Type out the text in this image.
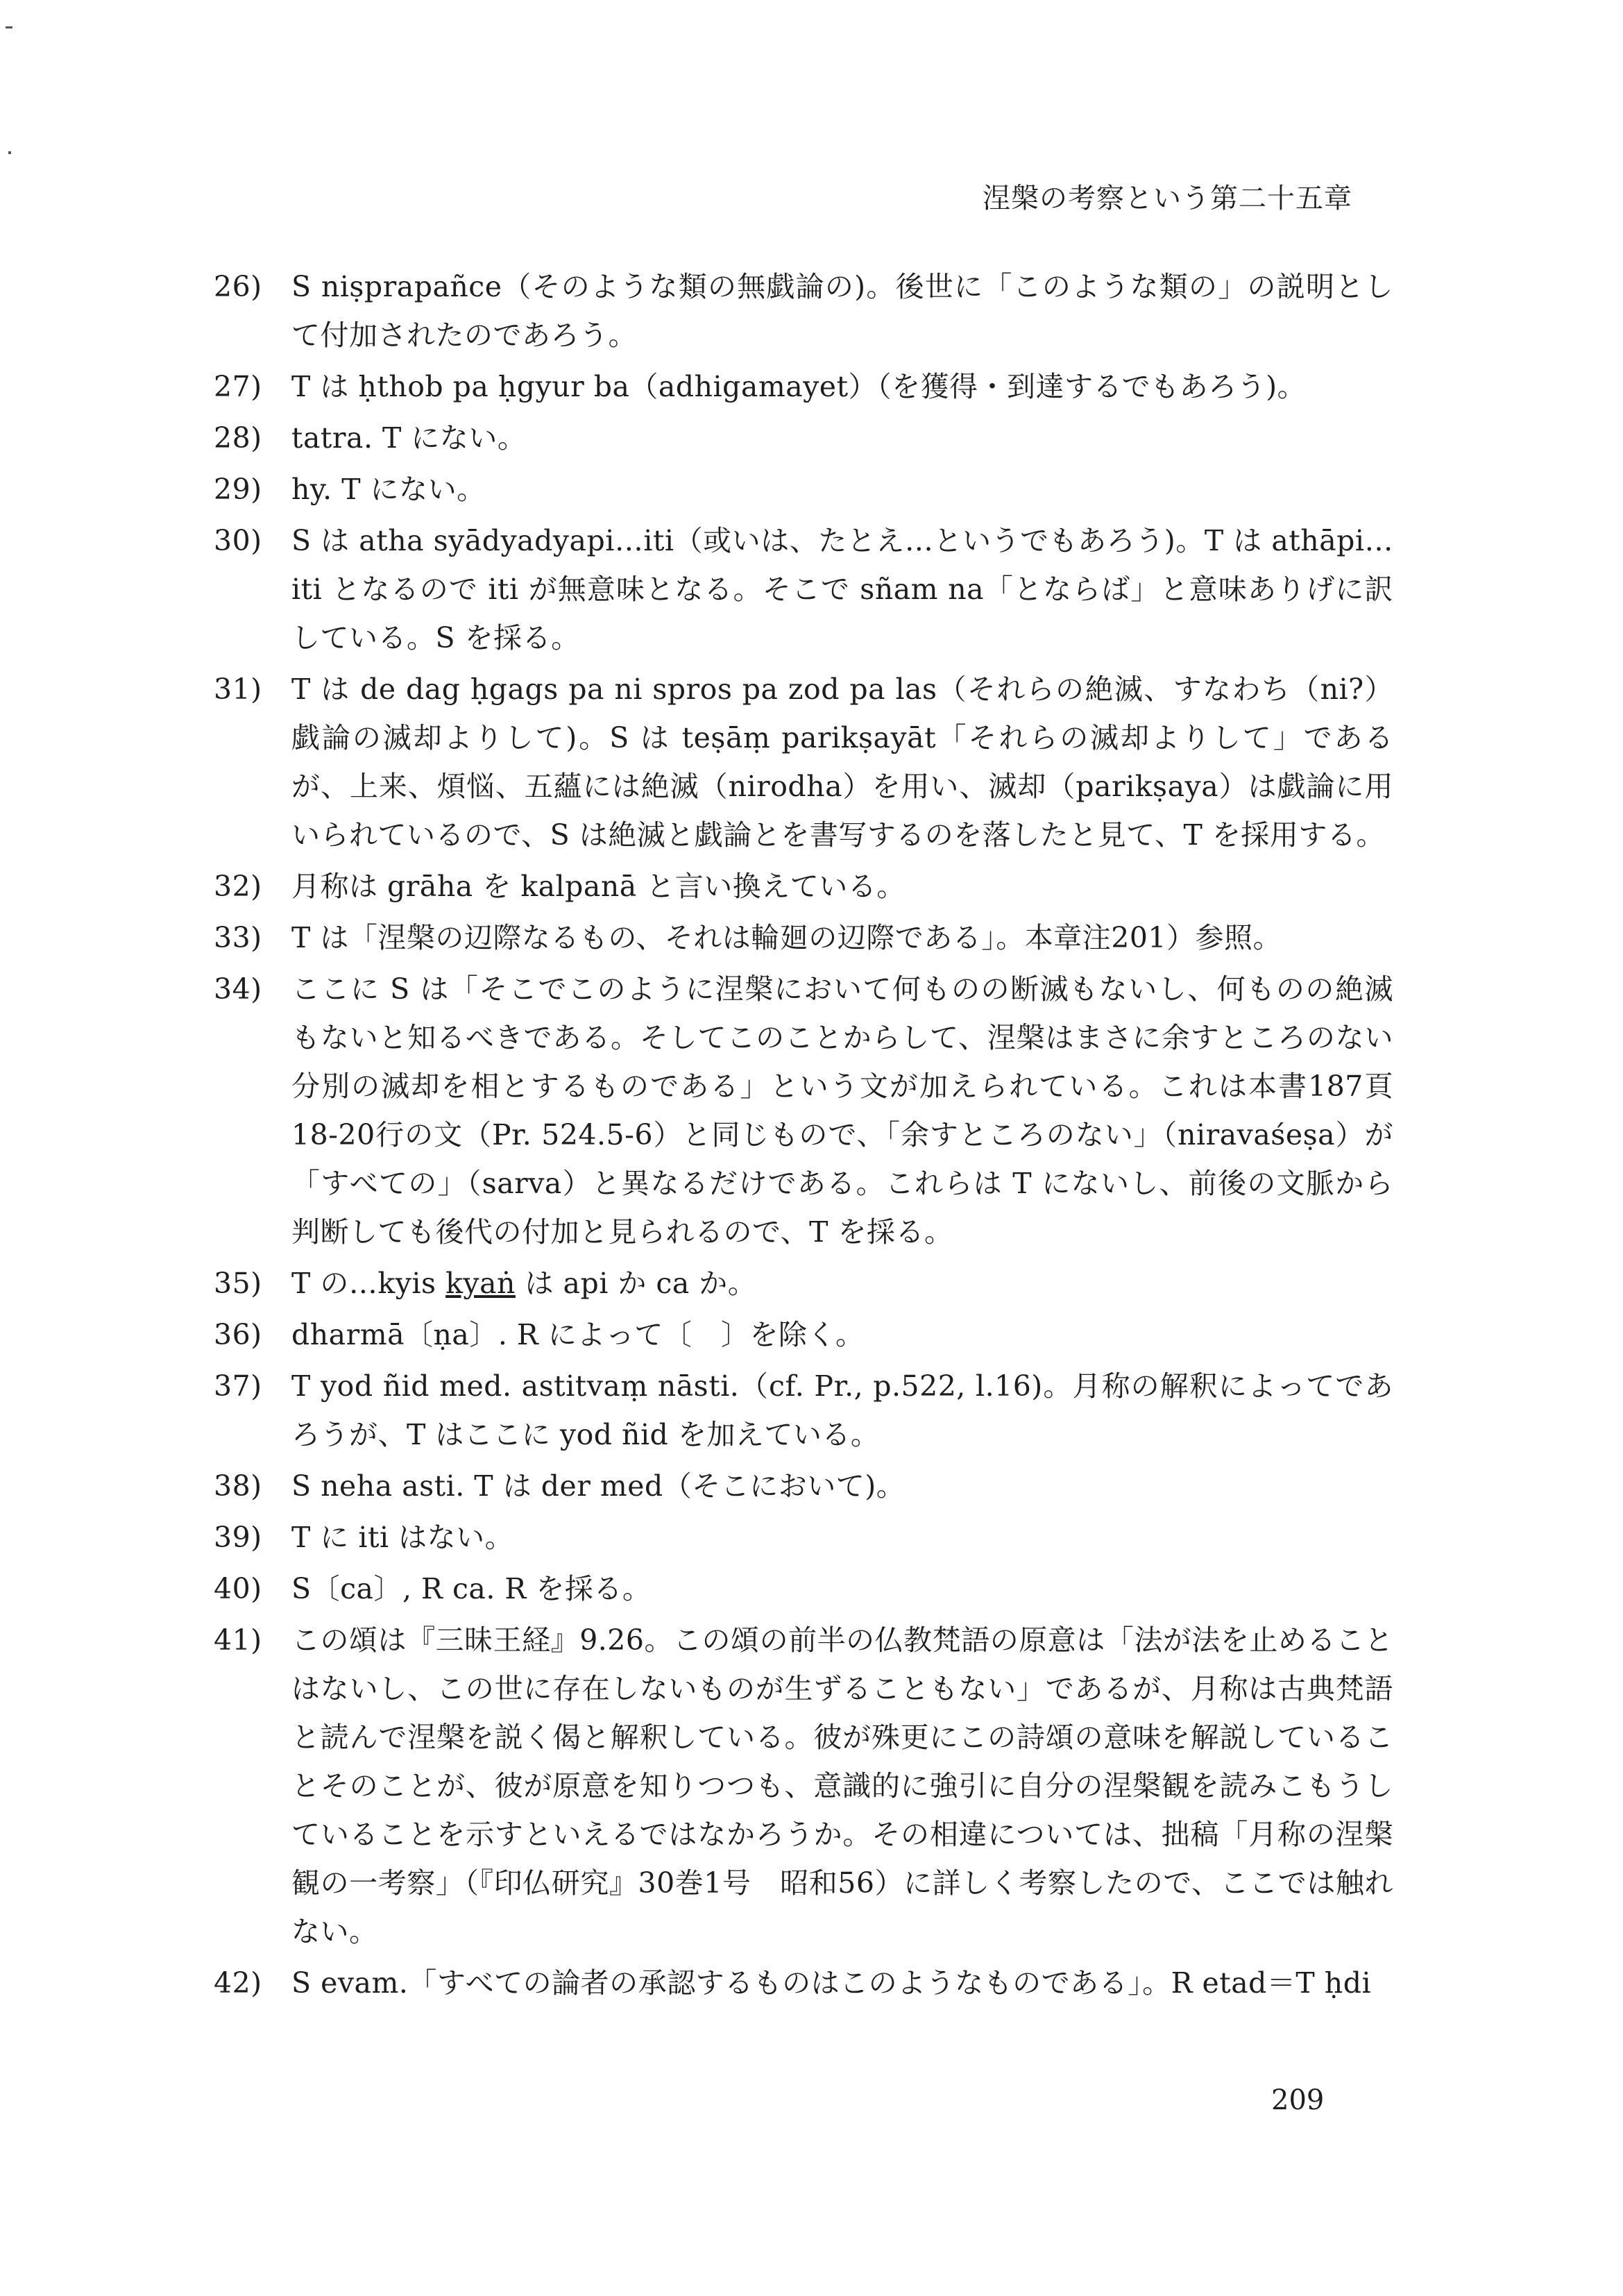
涅槃の考察という第二十五章
26)	S niṣprapañce（そのような類の無戯論の)。後世に「このような類の」の説明として付加されたのであろう。
27)	T は ḥthob pa ḥgyur ba（adhigamayet）（を獲得・到達するでもあろう)。
28)	tatra. T にない。
29)	hy. T にない。
30)	S は atha syādyadyapi…iti（或いは、たとえ…というでもあろう)。T は athāpi…iti となるので iti が無意味となる。そこで sñam na「とならば」と意味ありげに訳している。S を採る。
31)	T は de dag ḥgags pa ni spros pa zod pa las（それらの絶滅、すなわち（ni?）戯論の滅却よりして)。S は teṣāṃ parikṣayāt「それらの滅却よりして」であるが、上来、煩悩、五蘊には絶滅（nirodha）を用い、滅却（parikṣaya）は戯論に用いられているので、S は絶滅と戯論とを書写するのを落したと見て、T を採用する。
32)	月称は grāha を kalpanā と言い換えている。
33)	T は「涅槃の辺際なるもの、それは輪廻の辺際である」。本章注201）参照。
34)	ここに S は「そこでこのように涅槃において何ものの断滅もないし、何ものの絶滅もないと知るべきである。そしてこのことからして、涅槃はまさに余すところのない分別の滅却を相とするものである」という文が加えられている。これは本書187頁18-20行の文（Pr. 524.5-6）と同じもので、「余すところのない」（niravaśeṣa）が「すべての」（sarva）と異なるだけである。これらは T にないし、前後の文脈から判断しても後代の付加と見られるので、T を採る。
35)	T の…kyis kyaṅ は api か ca か。
36)	dharmā〔ṇa〕. R によって〔　〕を除く。
37)	T yod ñid med. astitvaṃ nāsti.（cf. Pr., p.522, l.16)。月称の解釈によってであろうが、T はここに yod ñid を加えている。
38)	S neha asti. T は der med（そこにおいて)。
39)	T に iti はない。
40)	S〔ca〕, R ca. R を採る。
41)	この頌は『三昧王経』9.26。この頌の前半の仏教梵語の原意は「法が法を止めることはないし、この世に存在しないものが生ずることもない」であるが、月称は古典梵語と読んで涅槃を説く偈と解釈している。彼が殊更にこの詩頌の意味を解説していることそのことが、彼が原意を知りつつも、意識的に強引に自分の涅槃観を読みこもうしていることを示すといえるではなかろうか。その相違については、拙稿「月称の涅槃観の一考察」（『印仏研究』30巻1号　昭和56）に詳しく考察したので、ここでは触れない。
42)	S evam.「すべての論者の承認するものはこのようなものである」。R etad＝T ḥdi
209
